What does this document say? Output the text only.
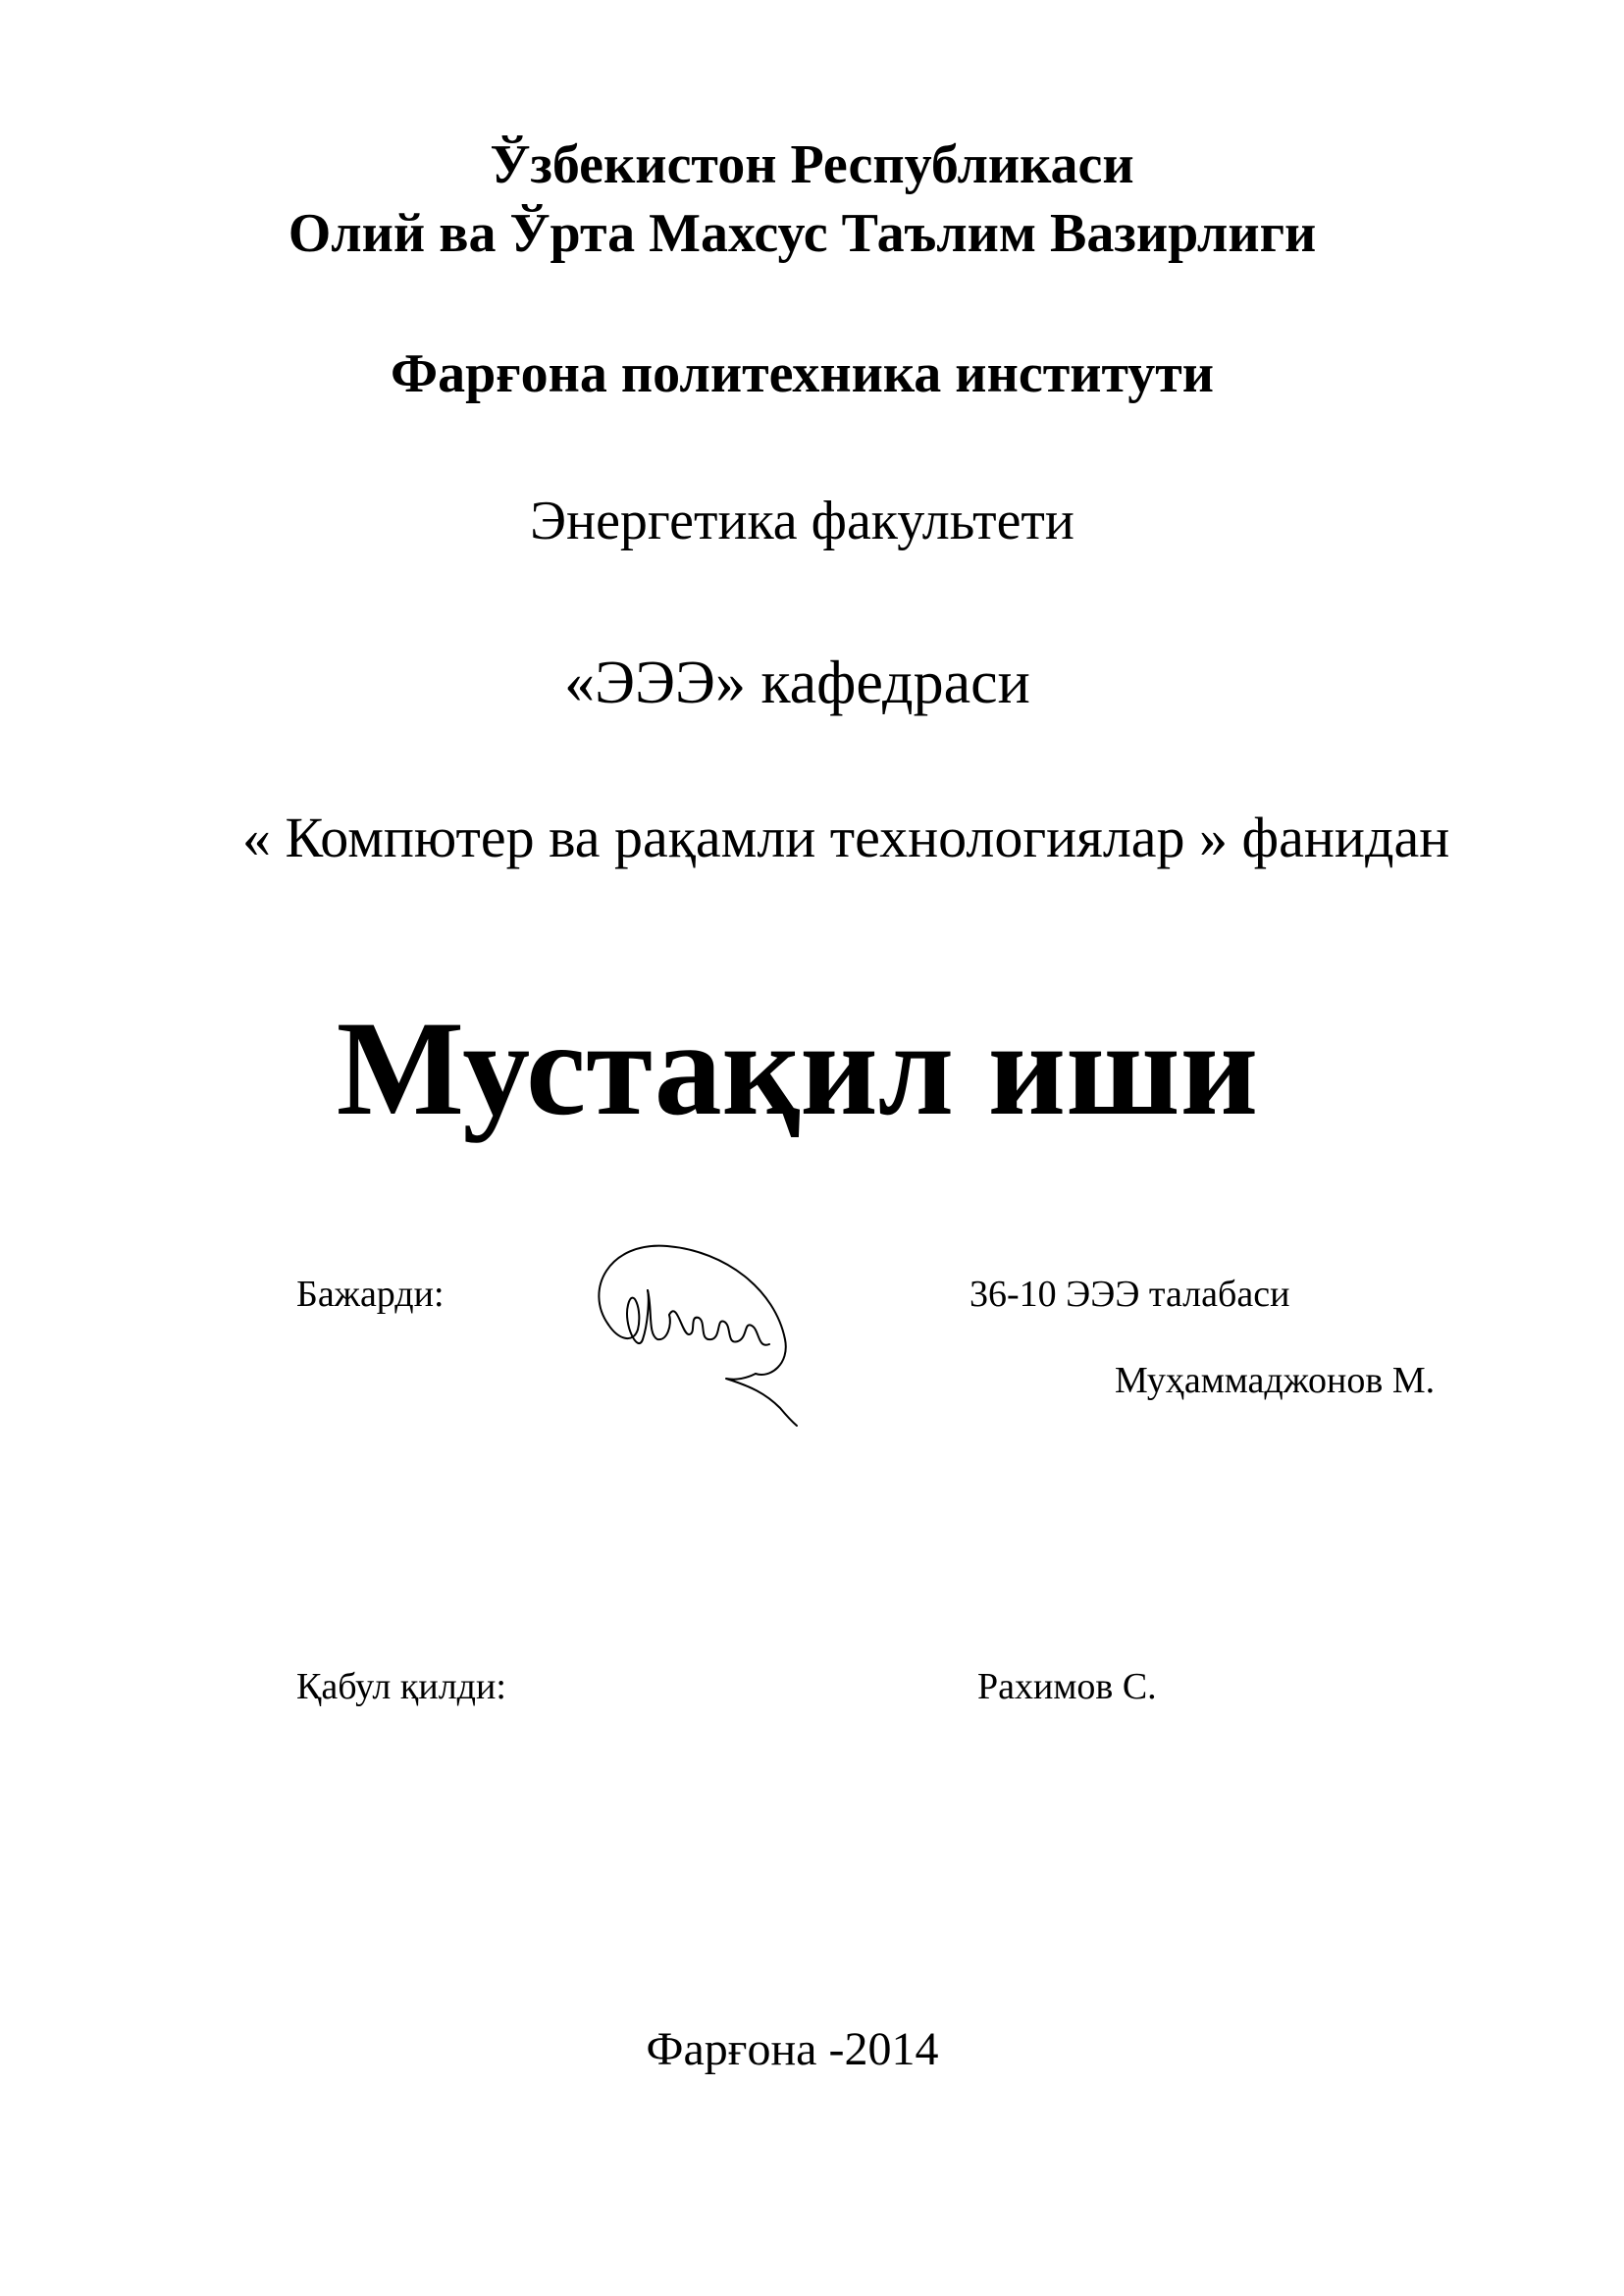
Ўзбекистон Республикаси
Олий ва Ўрта Махсус Таълим Вазирлиги
Фарғона политехника институти
Энергетика факультети
«ЭЭЭ» кафедраси
« Компютер ва рақамли технологиялар » фанидан
Мустақил иши
Бажарди:	36-10 ЭЭЭ талабаси
Муҳаммаджонов М.
Қабул қилди:	Рахимов С.
Фарғона -2014
